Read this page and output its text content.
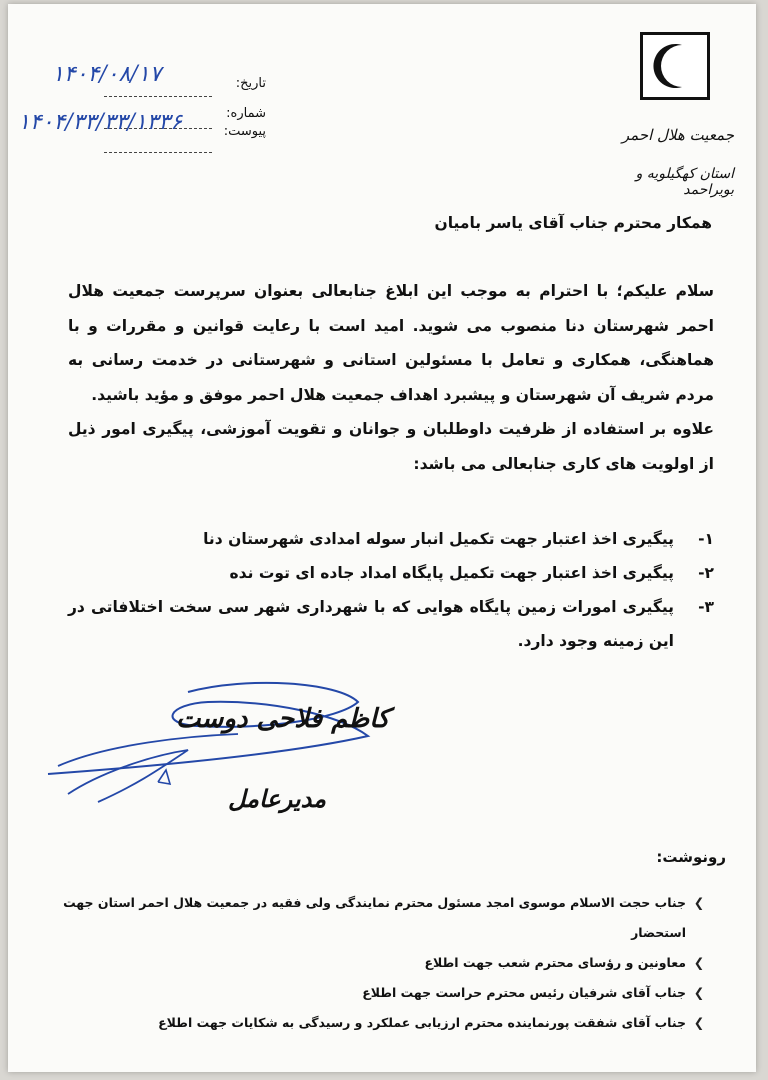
جمعیت هلال احمر
استان کهگیلویه و بویراحمد
تاریخ:
شماره:
پیوست:
۱۴۰۴/۰۸/۱۷
۱۴۰۴/۳۳/۳۳/۱۳۳۶
همکار محترم جناب آقای یاسر بامیان

سلام علیکم؛ با احترام به موجب این ابلاغ جنابعالی بعنوان سرپرست جمعیت هلال احمر شهرستان دنا منصوب می شوید. امید است با رعایت قوانین و مقررات و با هماهنگی، همکاری و تعامل با مسئولین استانی و شهرستانی در خدمت رسانی به مردم شریف آن شهرستان و پیشبرد اهداف جمعیت هلال احمر موفق و مؤید باشید.

علاوه بر استفاده از ظرفیت داوطلبان و جوانان و تقویت آموزشی، پیگیری امور ذیل از اولویت های کاری جنابعالی می باشد:

۱-
پیگیری اخذ اعتبار جهت تکمیل انبار سوله امدادی شهرستان دنا
۲-
پیگیری اخذ اعتبار جهت تکمیل پایگاه امداد جاده ای توت نده
۳-
پیگیری امورات زمین پایگاه هوایی که با شهرداری شهر سی سخت اختلافاتی در این زمینه وجود دارد.
کاظم فلاحی دوست
مدیرعامل
رونوشت:
❯
جناب حجت الاسلام موسوی امجد مسئول محترم نمایندگی ولی فقیه در جمعیت هلال احمر استان جهت استحضار
❯
معاونین و رؤسای محترم شعب جهت اطلاع
❯
جناب آقای شرفیان رئیس محترم حراست جهت اطلاع
❯
جناب آقای شفقت پورنماینده محترم ارزیابی عملکرد و رسیدگی به شکایات جهت اطلاع
